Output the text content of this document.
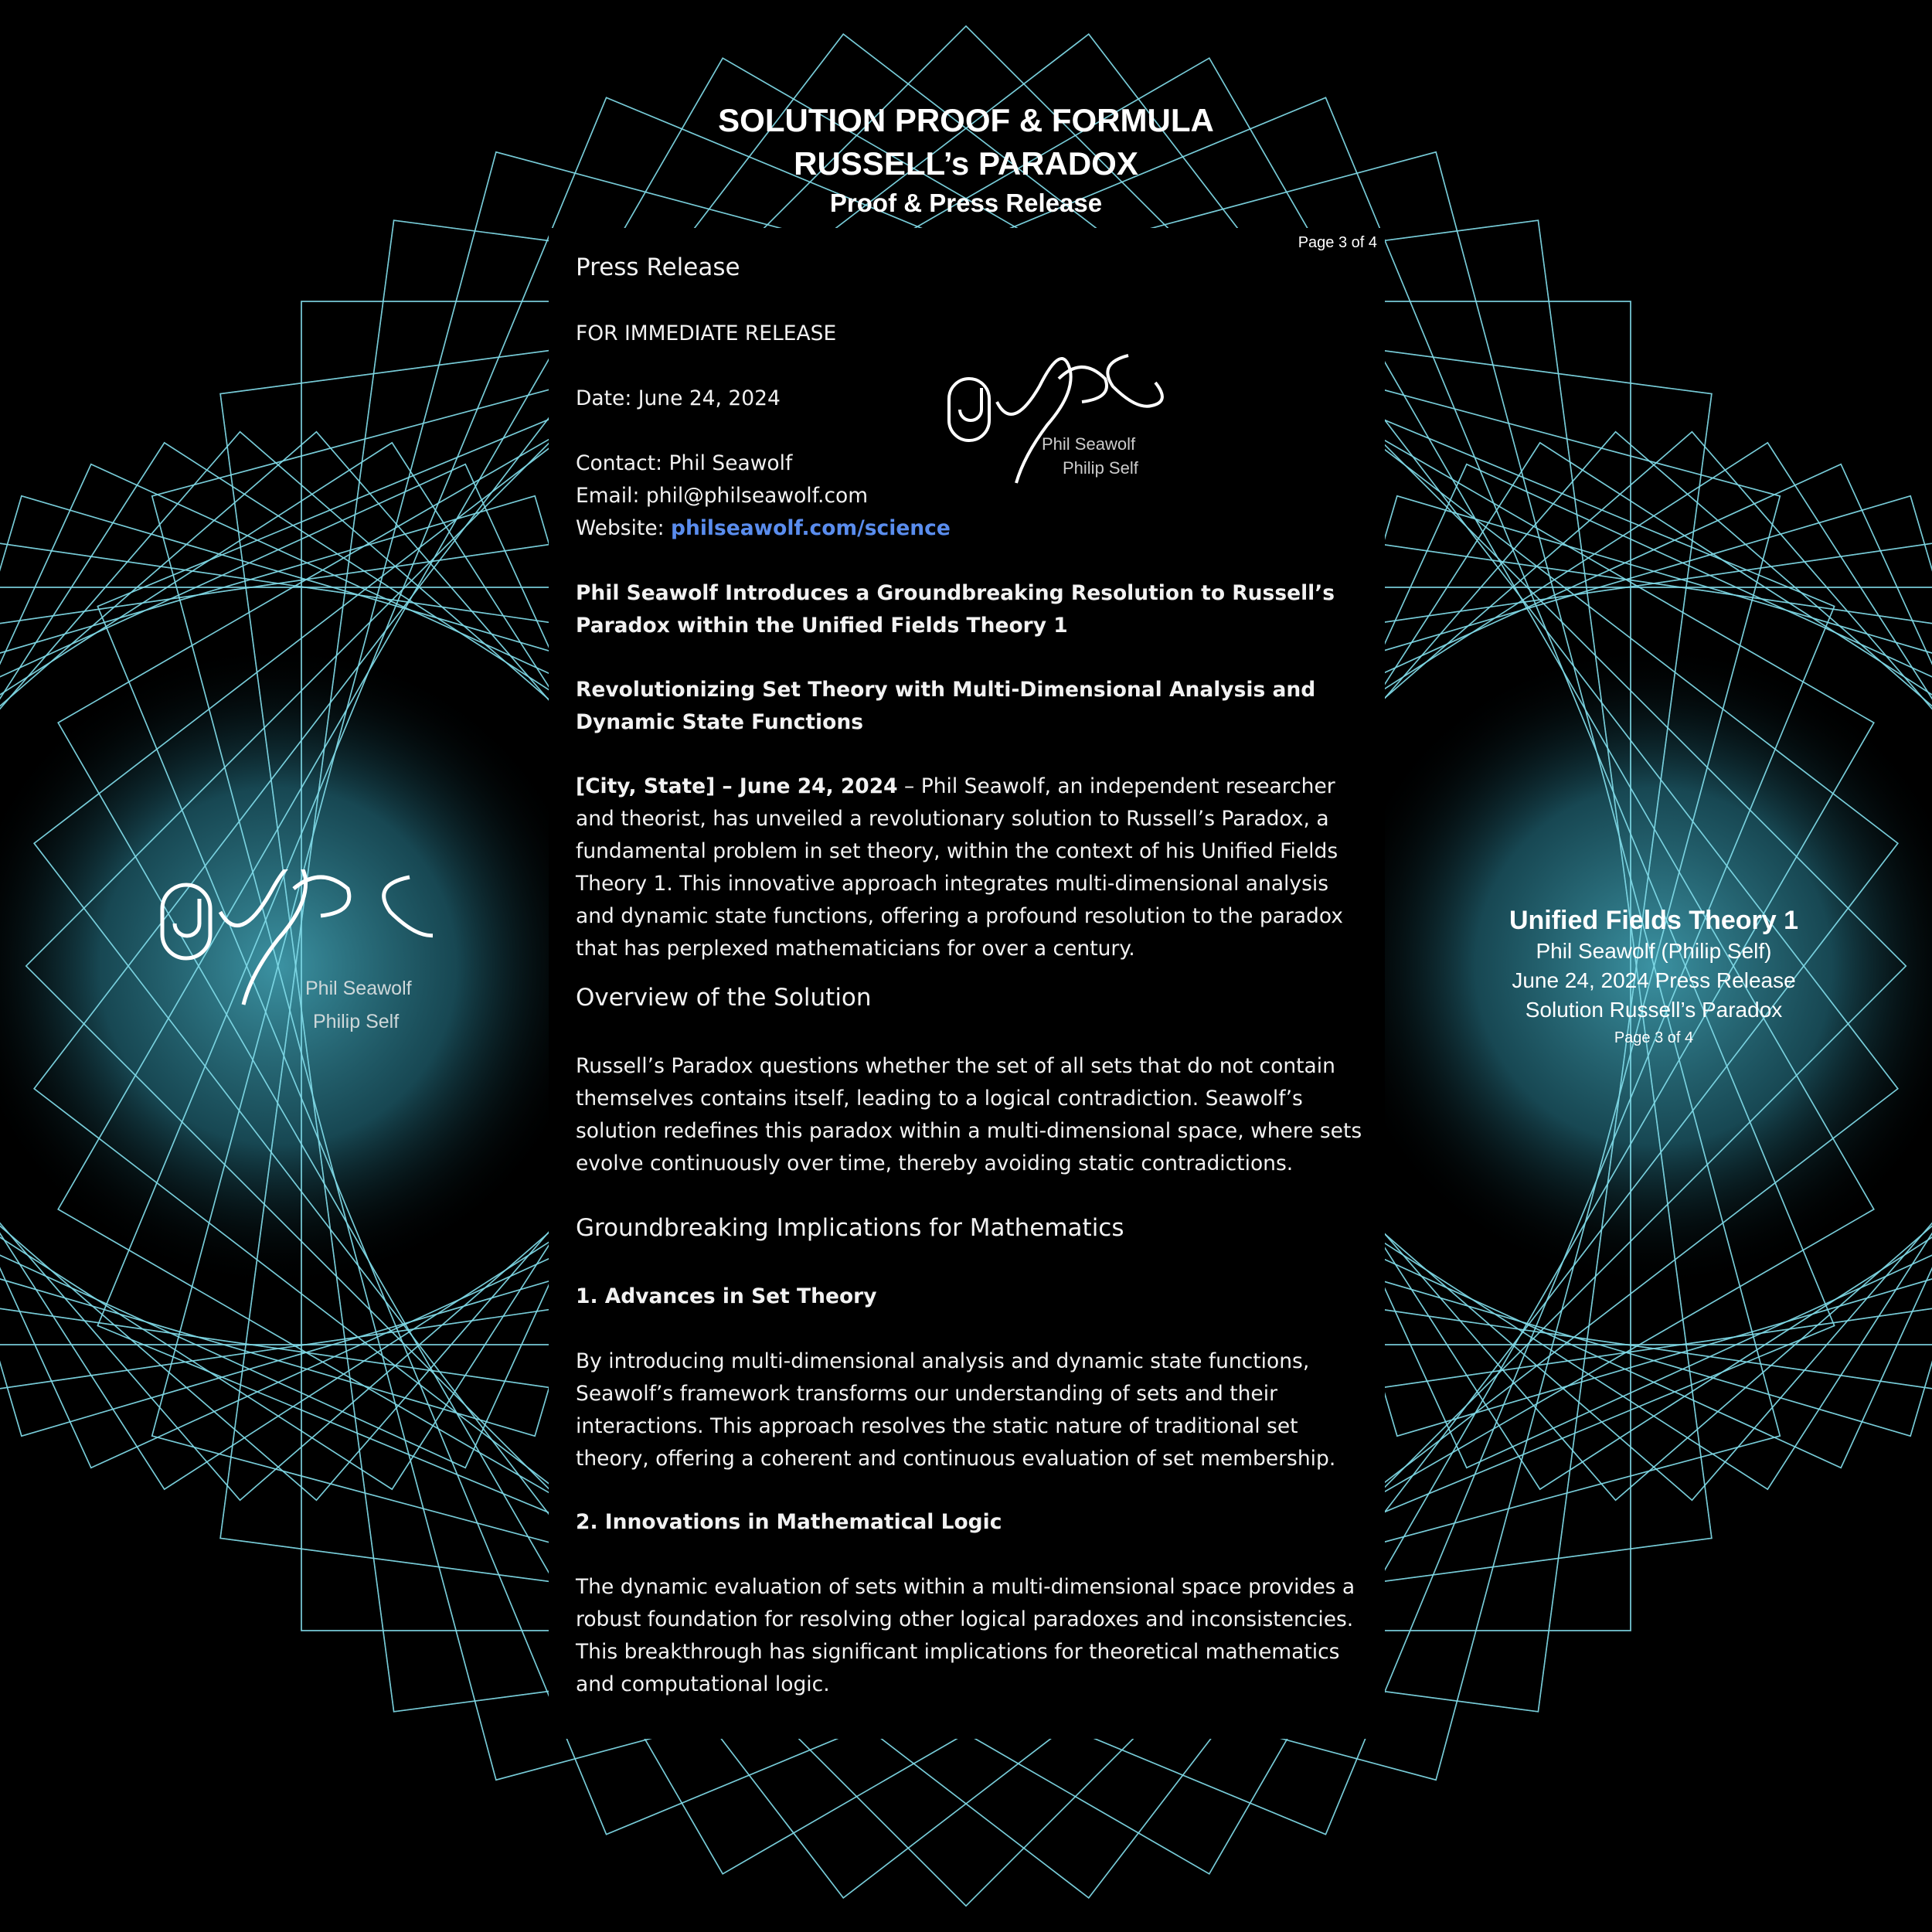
SOLUTION PROOF & FORMULA
RUSSELL’s PARADOX
Proof & Press Release
Page 3 of 4
Press Release
FOR IMMEDIATE RELEASE
Date: June 24, 2024
Contact: Phil Seawolf
Email: phil@philseawolf.com
Website: philseawolf.com/science
Phil Seawolf Introduces a Groundbreaking Resolution to Russell’s Paradox within the Unified Fields Theory 1
Revolutionizing Set Theory with Multi-Dimensional Analysis and Dynamic State Functions
[City, State] – June 24, 2024 – Phil Seawolf, an independent researcher and theorist, has unveiled a revolutionary solution to Russell’s Paradox, a fundamental problem in set theory, within the context of his Unified Fields Theory 1. This innovative approach integrates multi-dimensional analysis and dynamic state functions, offering a profound resolution to the paradox that has perplexed mathematicians for over a century.
Overview of the Solution
Russell’s Paradox questions whether the set of all sets that do not contain themselves contains itself, leading to a logical contradiction. Seawolf’s solution redefines this paradox within a multi-dimensional space, where sets evolve continuously over time, thereby avoiding static contradictions.
Groundbreaking Implications for Mathematics
1. Advances in Set Theory
By introducing multi-dimensional analysis and dynamic state functions, Seawolf’s framework transforms our understanding of sets and their interactions. This approach resolves the static nature of traditional set theory, offering a coherent and continuous evaluation of set membership.
2. Innovations in Mathematical Logic
The dynamic evaluation of sets within a multi-dimensional space provides a robust foundation for resolving other logical paradoxes and inconsistencies. This breakthrough has significant implications for theoretical mathematics and computational logic.
Phil Seawolf
Philip Self
Phil Seawolf
Philip Self
Unified Fields Theory 1
Phil Seawolf (Philip Self)
June 24, 2024 Press Release
Solution Russell’s Paradox
Page 3 of 4
